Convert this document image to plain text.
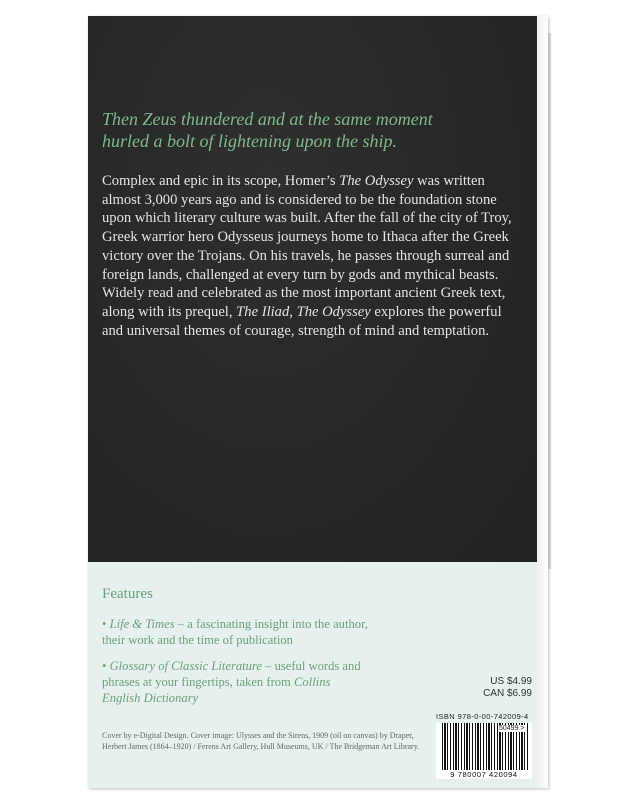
Then Zeus thundered and at the same moment
hurled a bolt of lightening upon the ship.
Complex and epic in its scope, Homer’s The Odyssey was written almost 3,000 years ago and is considered to be the foundation stone upon which literary culture was built. After the fall of the city of Troy, Greek warrior hero Odysseus journeys home to Ithaca after the Greek victory over the Trojans. On his travels, he passes through surreal and foreign lands, challenged at every turn by gods and mythical beasts. Widely read and celebrated as the most important ancient Greek text, along with its prequel, The Iliad, The Odyssey explores the powerful and universal themes of courage, strength of mind and temptation.
Features
• Life & Times – a fascinating insight into the author, their work and the time of publication
• Glossary of Classic Literature – useful words and phrases at your fingertips, taken from Collins English Dictionary
US $4.99
CAN $6.99
ISBN 978-0-00-742009-4
50499 >
9 780007 420094
Cover by e-Digital Design. Cover image: Ulysses and the Sirens, 1909 (oil on canvas) by Draper, Herbert James (1864–1920) / Ferens Art Gallery, Hull Museums, UK / The Bridgeman Art Library.
